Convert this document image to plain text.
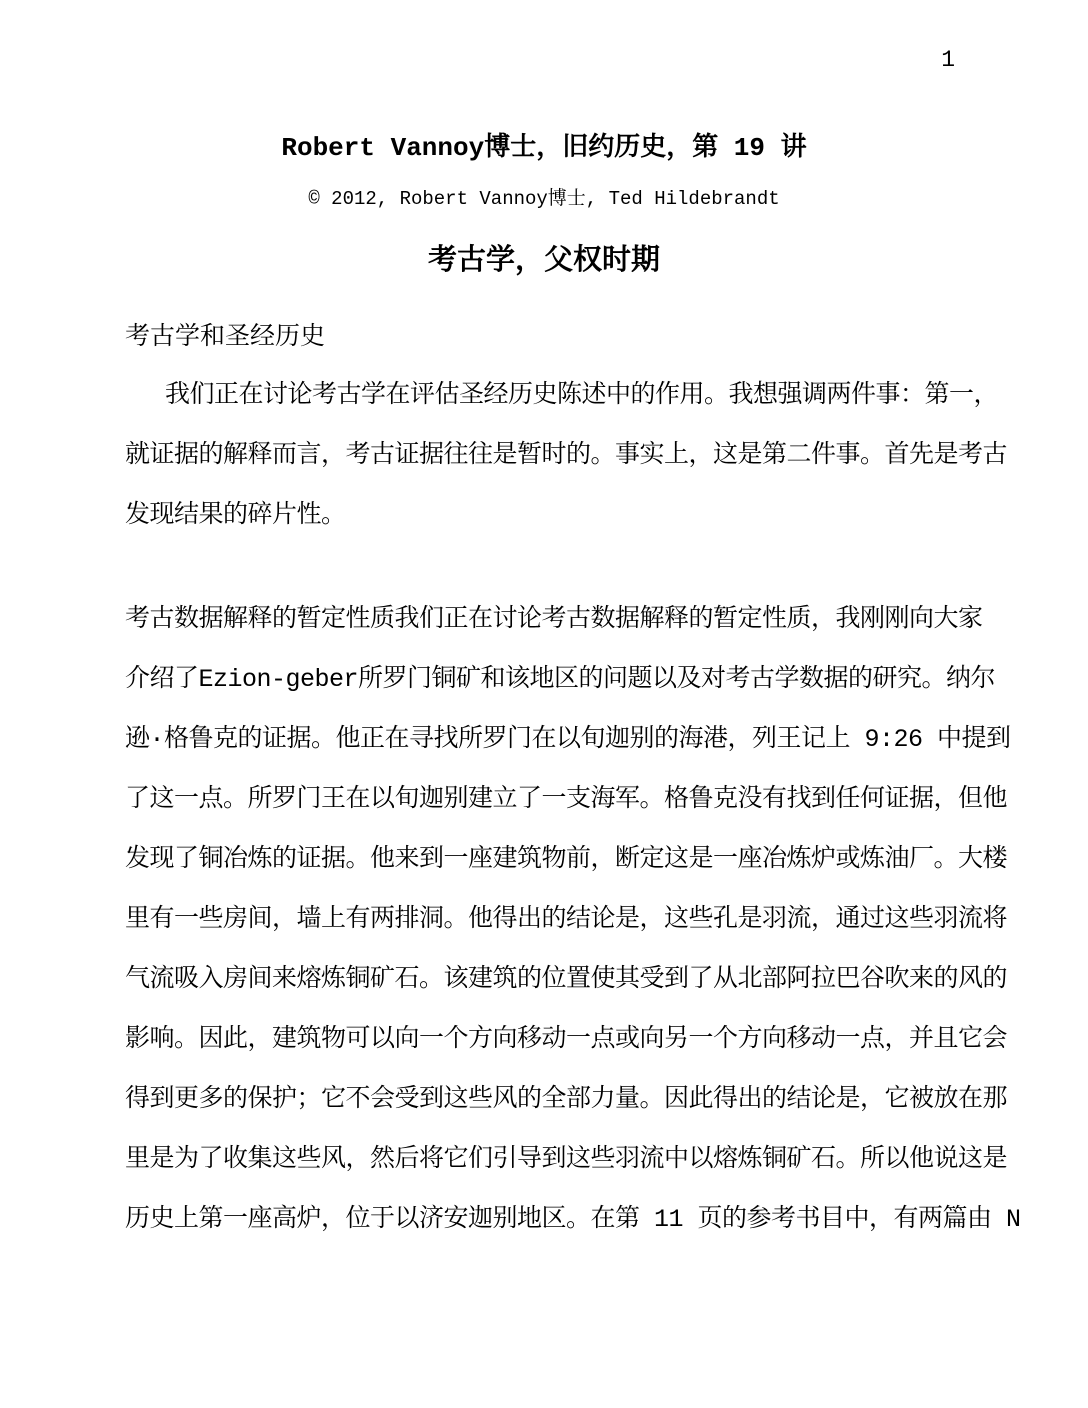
1
Robert Vannoy博士，旧约历史，第 19 讲
© 2012, Robert Vannoy博士, Ted Hildebrandt
考古学，父权时期
考古学和圣经历史
我们正在讨论考古学在评估圣经历史陈述中的作用。我想强调两件事：第一，
就证据的解释而言，考古证据往往是暂时的。事实上，这是第二件事。首先是考古
发现结果的碎片性。
考古数据解释的暂定性质我们正在讨论考古数据解释的暂定性质，我刚刚向大家
介绍了Ezion-geber所罗门铜矿和该地区的问题以及对考古学数据的研究。纳尔
逊·格鲁克的证据。他正在寻找所罗门在以旬迦别的海港，列王记上 9:26 中提到
了这一点。所罗门王在以旬迦别建立了一支海军。格鲁克没有找到任何证据，但他
发现了铜冶炼的证据。他来到一座建筑物前，断定这是一座冶炼炉或炼油厂。大楼
里有一些房间，墙上有两排洞。他得出的结论是，这些孔是羽流，通过这些羽流将
气流吸入房间来熔炼铜矿石。该建筑的位置使其受到了从北部阿拉巴谷吹来的风的
影响。因此，建筑物可以向一个方向移动一点或向另一个方向移动一点，并且它会
得到更多的保护；它不会受到这些风的全部力量。因此得出的结论是，它被放在那
里是为了收集这些风，然后将它们引导到这些羽流中以熔炼铜矿石。所以他说这是
历史上第一座高炉，位于以济安迦别地区。在第 11 页的参考书目中，有两篇由 N
